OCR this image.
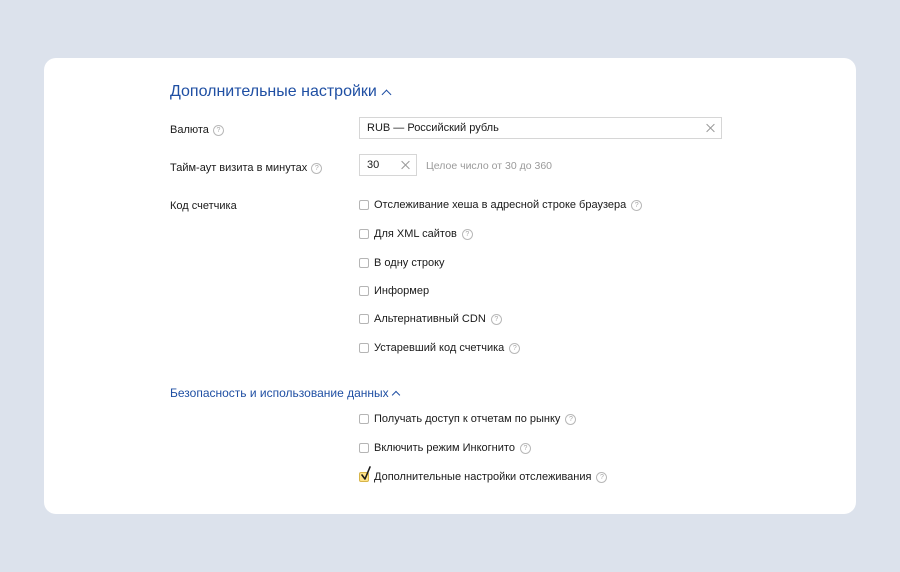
Дополнительные настройки
Валюта	?	RUB — Российский рубль
Тайм-аут визита в минутах	?	30	Целое число от 30 до 360
Код счетчика	Отслеживание хеша в адресной строке браузера	?
Для XML сайтов	?
В одну строку
Информер
Альтернативный CDN	?
Устаревший код счетчика	?
Безопасность и использование данных
Получать доступ к отчетам по рынку	?
Включить режим Инкогнито	?
Дополнительные настройки отслеживания	?
